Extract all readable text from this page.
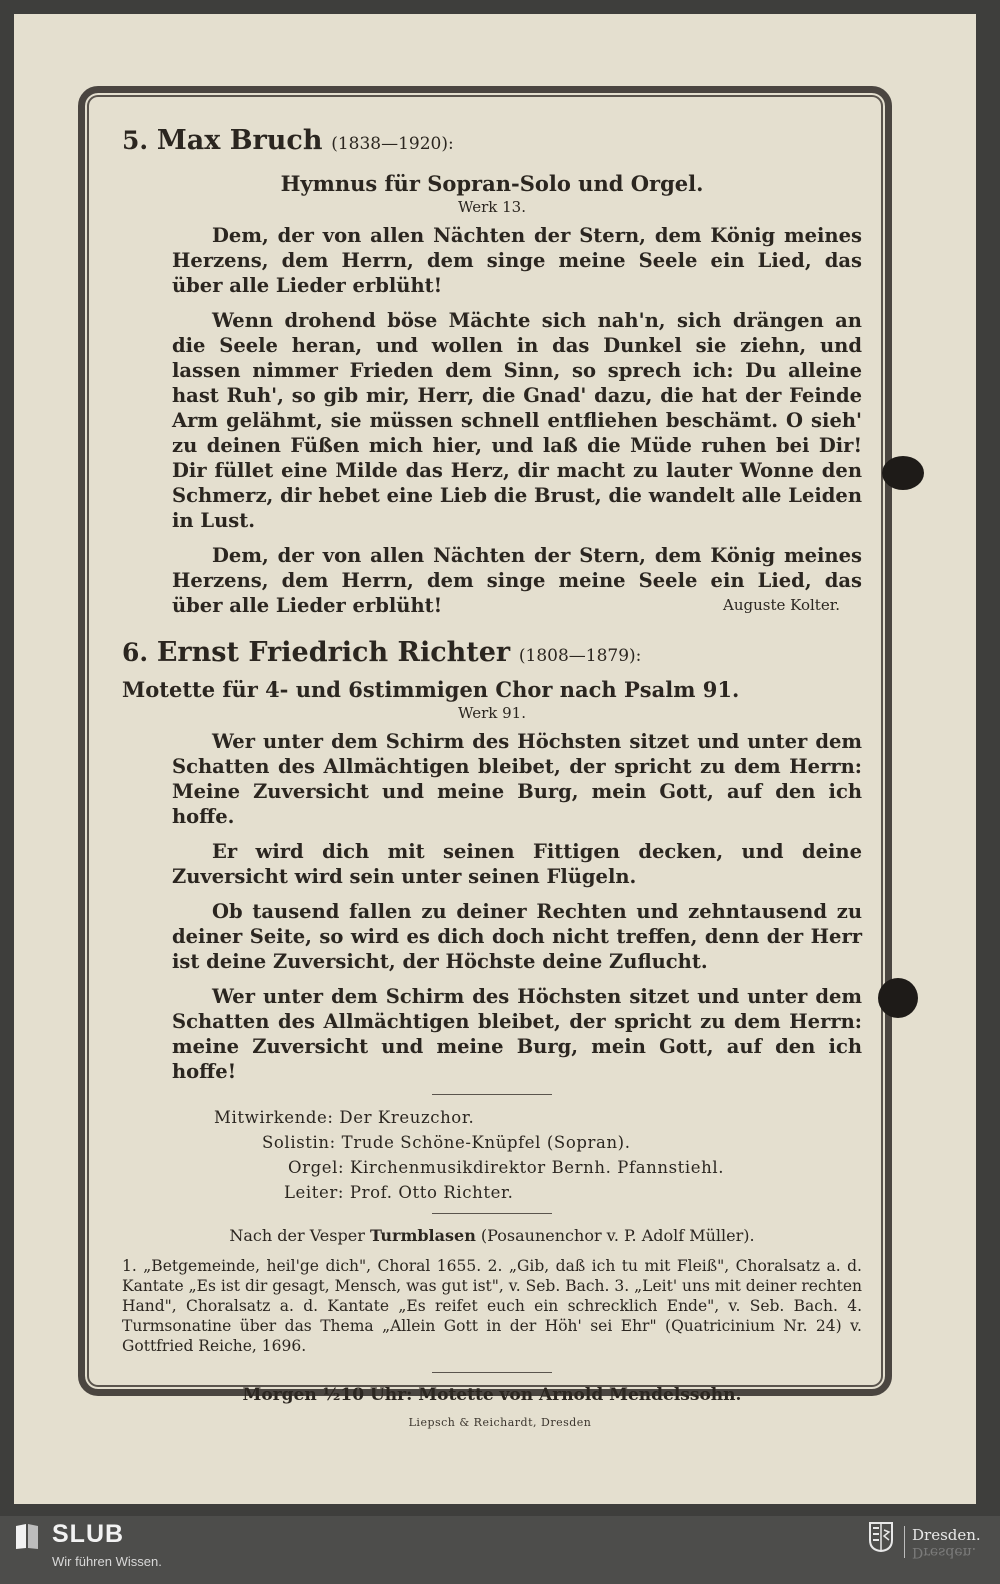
5. Max Bruch (1838—1920):

Hymnus für Sopran-Solo und Orgel.

Werk 13.

Dem, der von allen Nächten der Stern, dem König meines Herzens, dem Herrn, dem singe meine Seele ein Lied, das über alle Lieder erblüht!

Wenn drohend böse Mächte sich nah'n, sich drängen an die Seele heran, und wollen in das Dunkel sie ziehn, und lassen nimmer Frieden dem Sinn, so sprech ich: Du alleine hast Ruh', so gib mir, Herr, die Gnad' dazu, die hat der Feinde Arm gelähmt, sie müssen schnell entfliehen beschämt. O sieh' zu deinen Füßen mich hier, und laß die Müde ruhen bei Dir! Dir füllet eine Milde das Herz, dir macht zu lauter Wonne den Schmerz, dir hebet eine Lieb die Brust, die wandelt alle Leiden in Lust.

Dem, der von allen Nächten der Stern, dem König meines Herzens, dem Herrn, dem singe meine Seele ein Lied, das über alle Lieder erblüht!	Auguste Kolter.

6. Ernst Friedrich Richter (1808—1879):

Motette für 4- und 6stimmigen Chor nach Psalm 91.

Werk 91.

Wer unter dem Schirm des Höchsten sitzet und unter dem Schatten des Allmächtigen bleibet, der spricht zu dem Herrn: Meine Zuversicht und meine Burg, mein Gott, auf den ich hoffe.

Er wird dich mit seinen Fittigen decken, und deine Zuversicht wird sein unter seinen Flügeln.

Ob tausend fallen zu deiner Rechten und zehntausend zu deiner Seite, so wird es dich doch nicht treffen, denn der Herr ist deine Zuversicht, der Höchste deine Zuflucht.

Wer unter dem Schirm des Höchsten sitzet und unter dem Schatten des Allmächtigen bleibet, der spricht zu dem Herrn: meine Zuversicht und meine Burg, mein Gott, auf den ich hoffe!

Mitwirkende: Der Kreuzchor.
Solistin: Trude Schöne-Knüpfel (Sopran).
Orgel: Kirchenmusikdirektor Bernh. Pfannstiehl.
Leiter: Prof. Otto Richter.
Nach der Vesper Turmblasen (Posaunenchor v. P. Adolf Müller).

1. „Betgemeinde, heil'ge dich", Choral 1655. 2. „Gib, daß ich tu mit Fleiß", Choralsatz a. d. Kantate „Es ist dir gesagt, Mensch, was gut ist", v. Seb. Bach. 3. „Leit' uns mit deiner rechten Hand", Choralsatz a. d. Kantate „Es reifet euch ein schrecklich Ende", v. Seb. Bach. 4. Turmsonatine über das Thema „Allein Gott in der Höh' sei Ehr" (Quatricinium Nr. 24) v. Gottfried Reiche, 1696.

Morgen ½10 Uhr: Motette von Arnold Mendelssohn.

Liepsch & Reichardt, Dresden
SLUB
Wir führen Wissen.
Dresden.
Dresden.
